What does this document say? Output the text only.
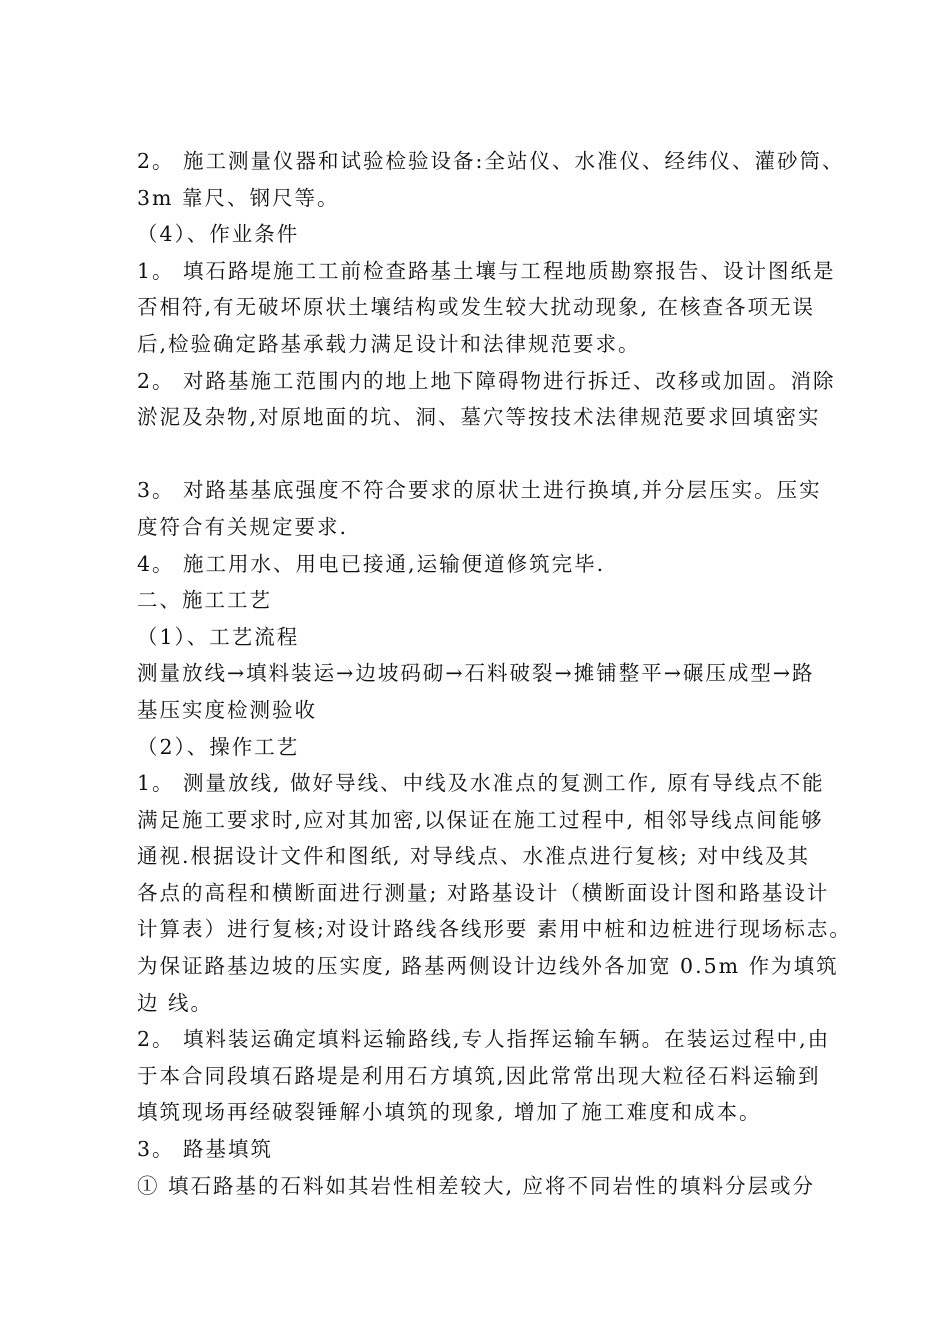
2。 施工测量仪器和试验检验设备:全站仪、水准仪、经纬仪、灌砂筒、

3m 靠尺、钢尺等。

（4）、作业条件

1。 填石路堤施工工前检查路基土壤与工程地质勘察报告、设计图纸是

否相符,有无破坏原状土壤结构或发生较大扰动现象, 在核查各项无误

后,检验确定路基承载力满足设计和法律规范要求。

2。 对路基施工范围内的地上地下障碍物进行拆迁、改移或加固。消除

淤泥及杂物,对原地面的坑、洞、墓穴等按技术法律规范要求回填密实

3。 对路基基底强度不符合要求的原状土进行换填,并分层压实。压实

度符合有关规定要求.

4。 施工用水、用电已接通,运输便道修筑完毕.

二、施工工艺

（1）、工艺流程

测量放线→填料装运→边坡码砌→石料破裂→摊铺整平→碾压成型→路

基压实度检测验收

（2）、操作工艺

1。 测量放线, 做好导线、中线及水准点的复测工作, 原有导线点不能

满足施工要求时,应对其加密,以保证在施工过程中, 相邻导线点间能够

通视.根据设计文件和图纸, 对导线点、水准点进行复核; 对中线及其

各点的高程和横断面进行测量; 对路基设计（横断面设计图和路基设计

计算表）进行复核;对设计路线各线形要 素用中桩和边桩进行现场标志。

为保证路基边坡的压实度, 路基两侧设计边线外各加宽 0.5m 作为填筑

边 线。

2。 填料装运确定填料运输路线,专人指挥运输车辆。在装运过程中,由

于本合同段填石路堤是利用石方填筑,因此常常出现大粒径石料运输到

填筑现场再经破裂锤解小填筑的现象, 增加了施工难度和成本。

3。 路基填筑

① 填石路基的石料如其岩性相差较大, 应将不同岩性的填料分层或分
